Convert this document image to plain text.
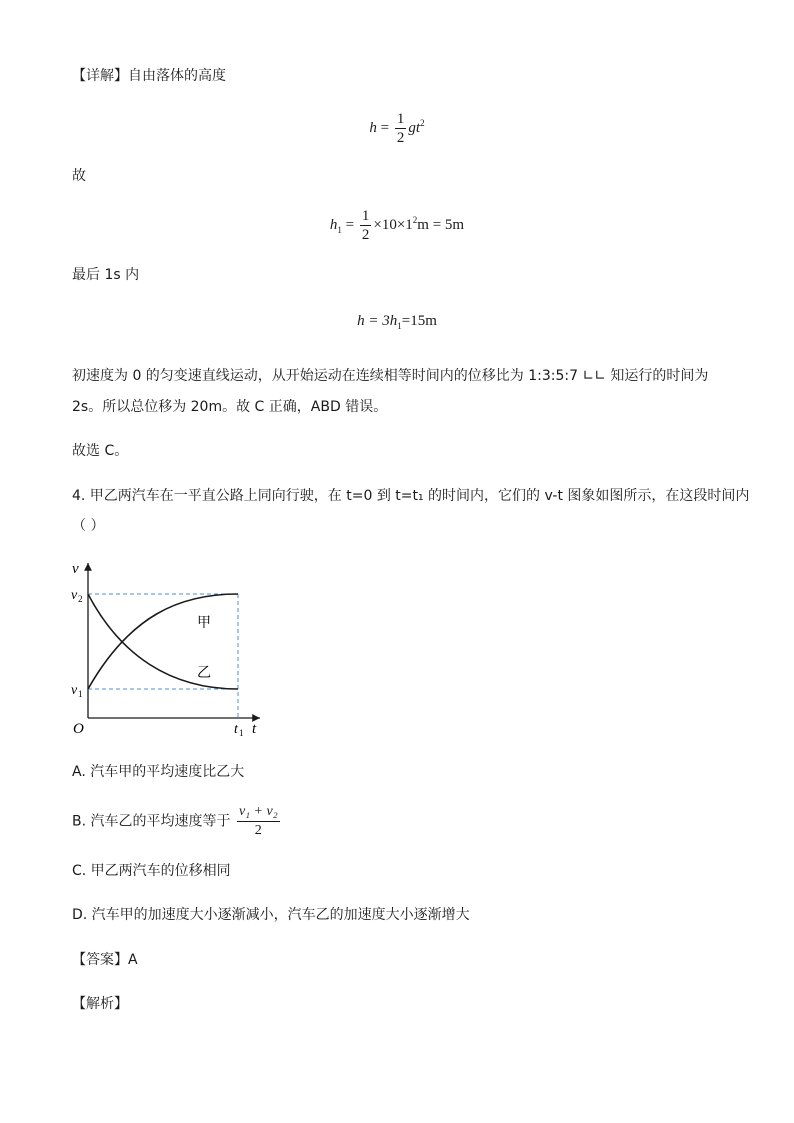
【详解】自由落体的高度
$h = \frac{1}{2} gt^2$
故
$h_1 = \frac{1}{2} \times 10\times 1^2m = 5m$
最后 1s 内
$h = 3h_1=15m$
初速度为 0 的匀变速直线运动，从开始运动在连续相等时间内的位移比为 1:3:5:7 ∟∟ 知运行的时间为
2s。所以总位移为 20m。故 C 正确，ABD 错误。
故选 C。
4. 甲乙两汽车在一平直公路上同向行驶，在 t=0 到 t=t₁ 的时间内，它们的 v-t 图象如图所示，在这段时间内
（ ）
v
v 2
v 1
O	t 1 t
甲
乙
A. 汽车甲的平均速度比乙大
B. 汽车乙的平均速度等于 $\frac{\text{v₁ + v₂}}{2}$
C. 甲乙两汽车的位移相同
D. 汽车甲的加速度大小逐渐减小，汽车乙的加速度大小逐渐增大
【答案】A
【解析】
